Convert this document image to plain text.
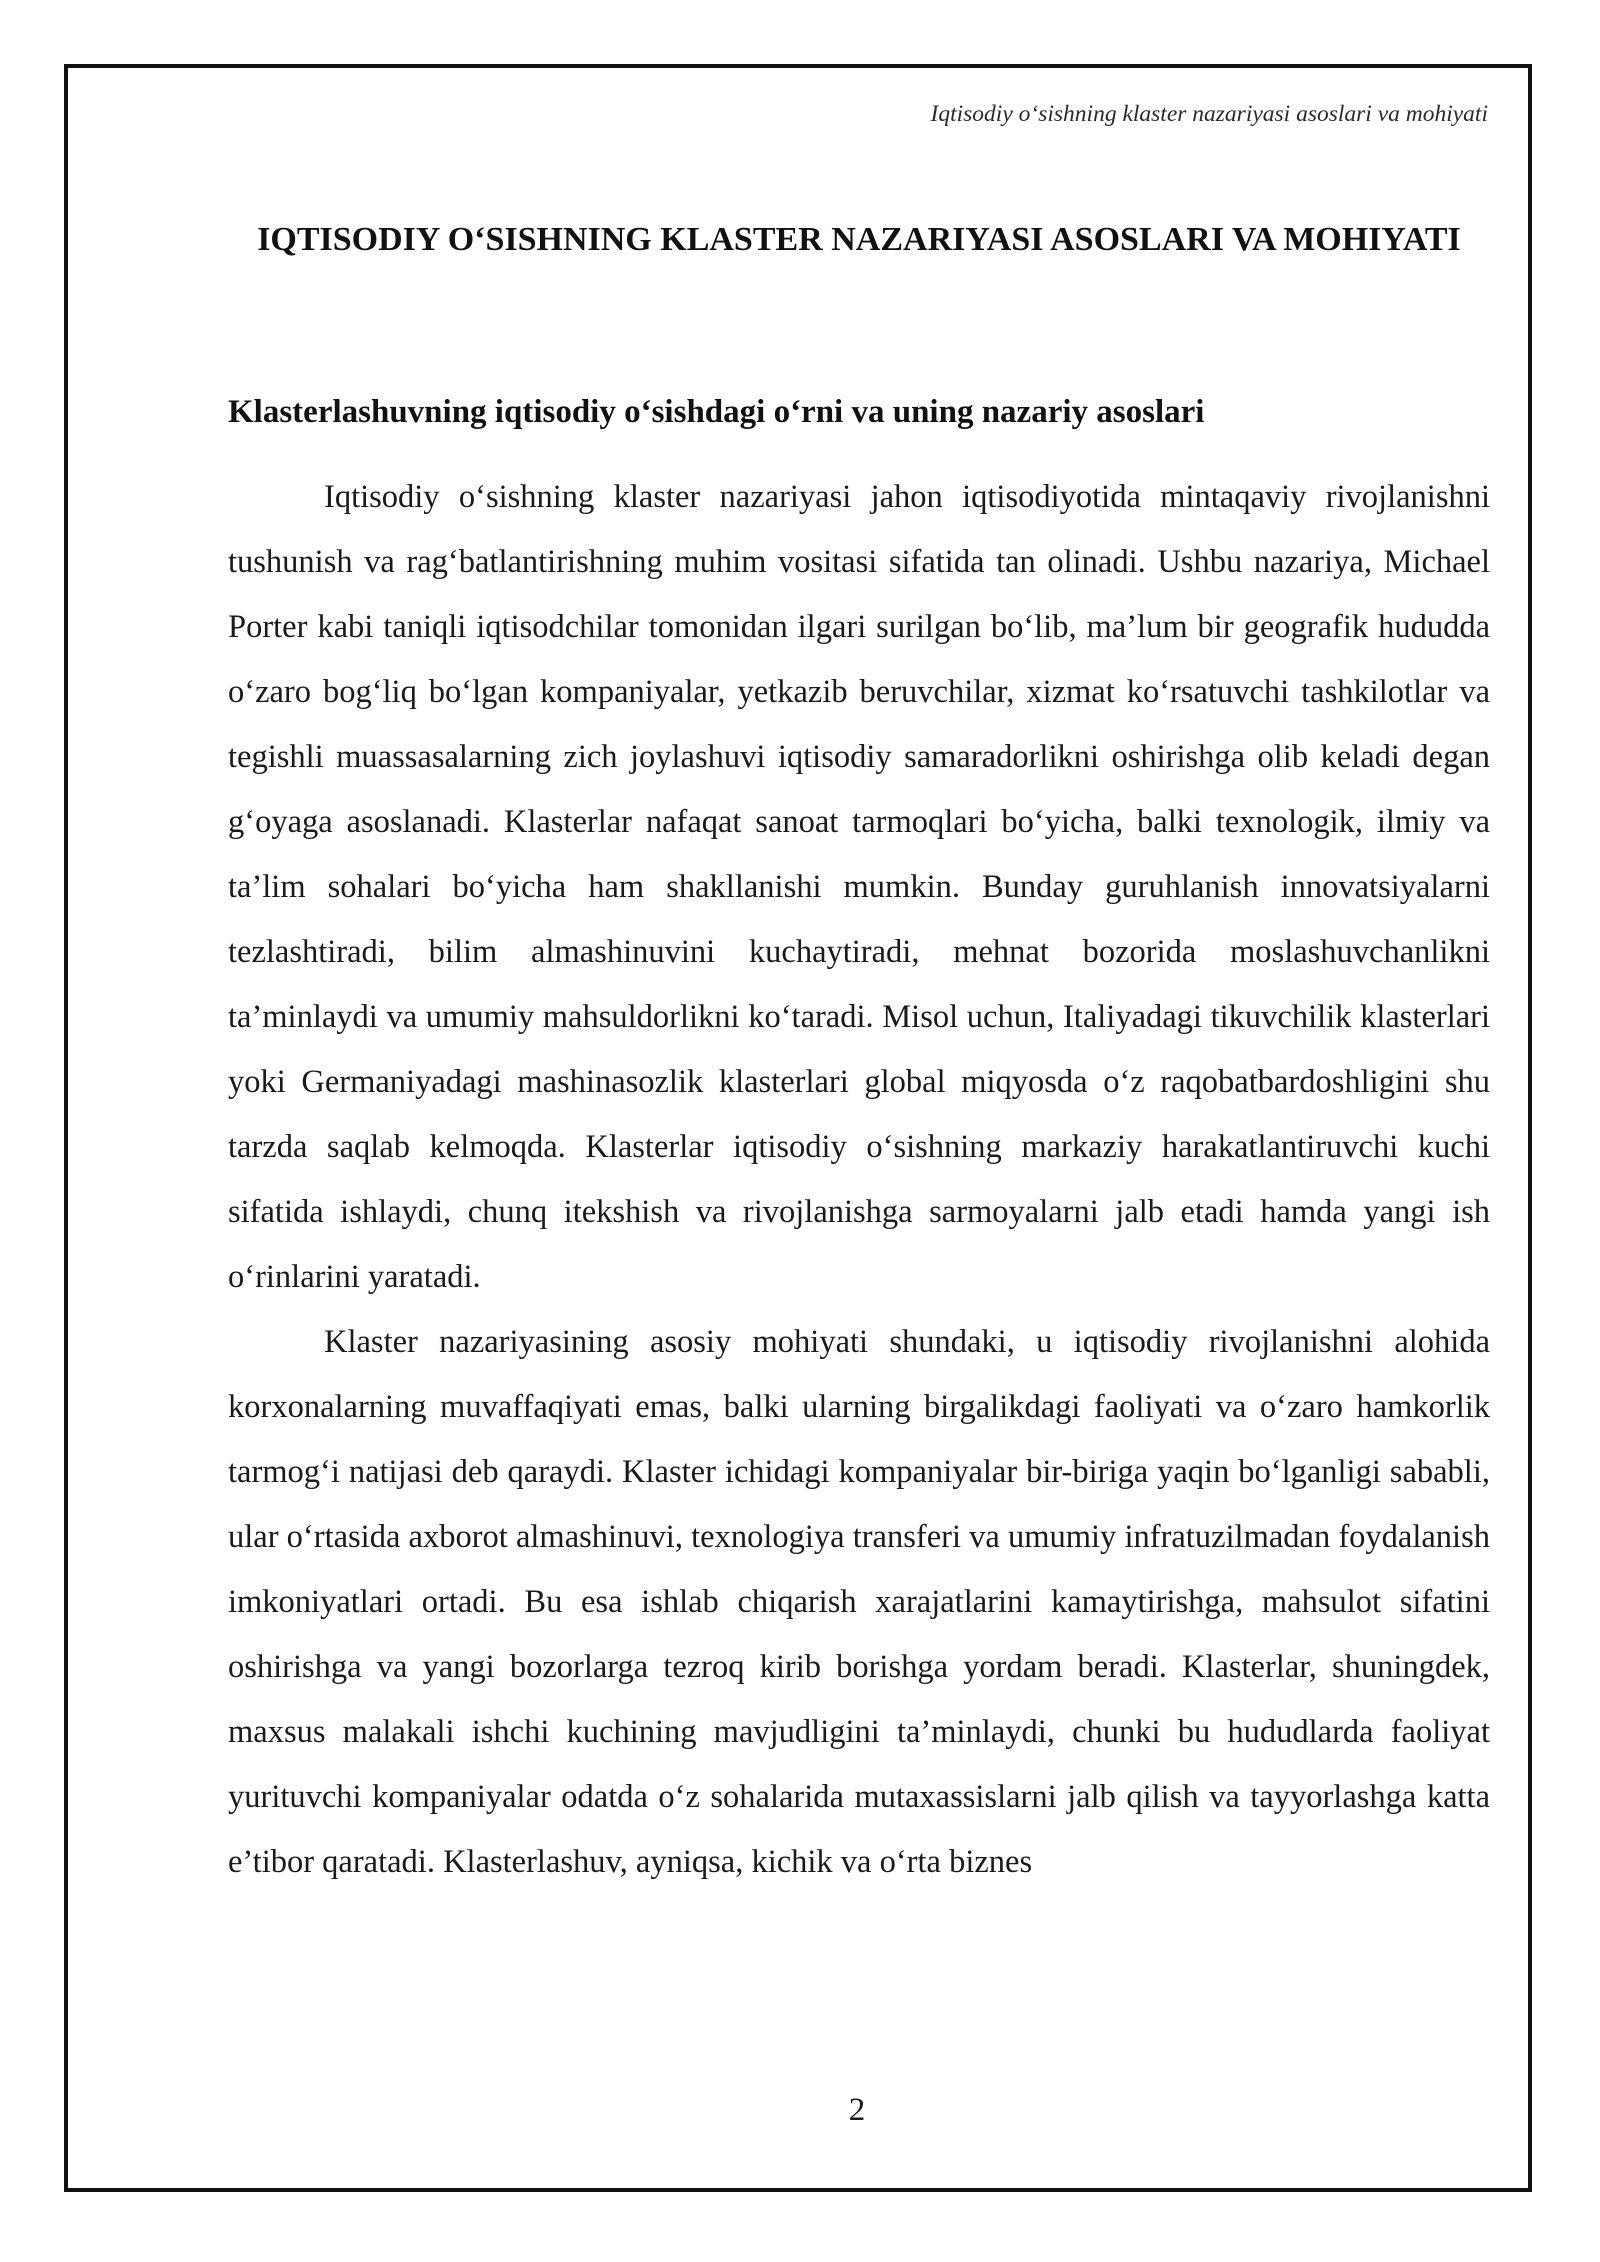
Iqtisodiy o‘sishning klaster nazariyasi asoslari va mohiyati
IQTISODIY O‘SISHNING KLASTER NAZARIYASI ASOSLARI VA MOHIYATI
Klasterlashuvning iqtisodiy o‘sishdagi o‘rni va uning nazariy asoslari

Iqtisodiy o‘sishning klaster nazariyasi jahon iqtisodiyotida mintaqaviy rivojlanishni tushunish va rag‘batlantirishning muhim vositasi sifatida tan olinadi. Ushbu nazariya, Michael Porter kabi taniqli iqtisodchilar tomonidan ilgari surilgan bo‘lib, ma’lum bir geografik hududda o‘zaro bog‘liq bo‘lgan kompaniyalar, yetkazib beruvchilar, xizmat ko‘rsatuvchi tashkilotlar va tegishli muassasalarning zich joylashuvi iqtisodiy samaradorlikni oshirishga olib keladi degan g‘oyaga asoslanadi. Klasterlar nafaqat sanoat tarmoqlari bo‘yicha, balki texnologik, ilmiy va ta’lim sohalari bo‘yicha ham shakllanishi mumkin. Bunday guruhlanish innovatsiyalarni tezlashtiradi, bilim almashinuvini kuchaytiradi, mehnat bozorida moslashuvchanlikni ta’minlaydi va umumiy mahsuldorlikni ko‘taradi. Misol uchun, Italiyadagi tikuvchilik klasterlari yoki Germaniyadagi mashinasozlik klasterlari global miqyosda o‘z raqobatbardoshligini shu tarzda saqlab kelmoqda. Klasterlar iqtisodiy o‘sishning markaziy harakatlantiruvchi kuchi sifatida ishlaydi, chunq itekshish va rivojlanishga sarmoyalarni jalb etadi hamda yangi ish o‘rinlarini yaratadi.

Klaster nazariyasining asosiy mohiyati shundaki, u iqtisodiy rivojlanishni alohida korxonalarning muvaffaqiyati emas, balki ularning birgalikdagi faoliyati va o‘zaro hamkorlik tarmog‘i natijasi deb qaraydi. Klaster ichidagi kompaniyalar bir-biriga yaqin bo‘lganligi sababli, ular o‘rtasida axborot almashinuvi, texnologiya transferi va umumiy infratuzilmadan foydalanish imkoniyatlari ortadi. Bu esa ishlab chiqarish xarajatlarini kamaytirishga, mahsulot sifatini oshirishga va yangi bozorlarga tezroq kirib borishga yordam beradi. Klasterlar, shuningdek, maxsus malakali ishchi kuchining mavjudligini ta’minlaydi, chunki bu hududlarda faoliyat yurituvchi kompaniyalar odatda o‘z sohalarida mutaxassislarni jalb qilish va tayyorlashga katta e’tibor qaratadi. Klasterlashuv, ayniqsa, kichik va o‘rta biznes

2
